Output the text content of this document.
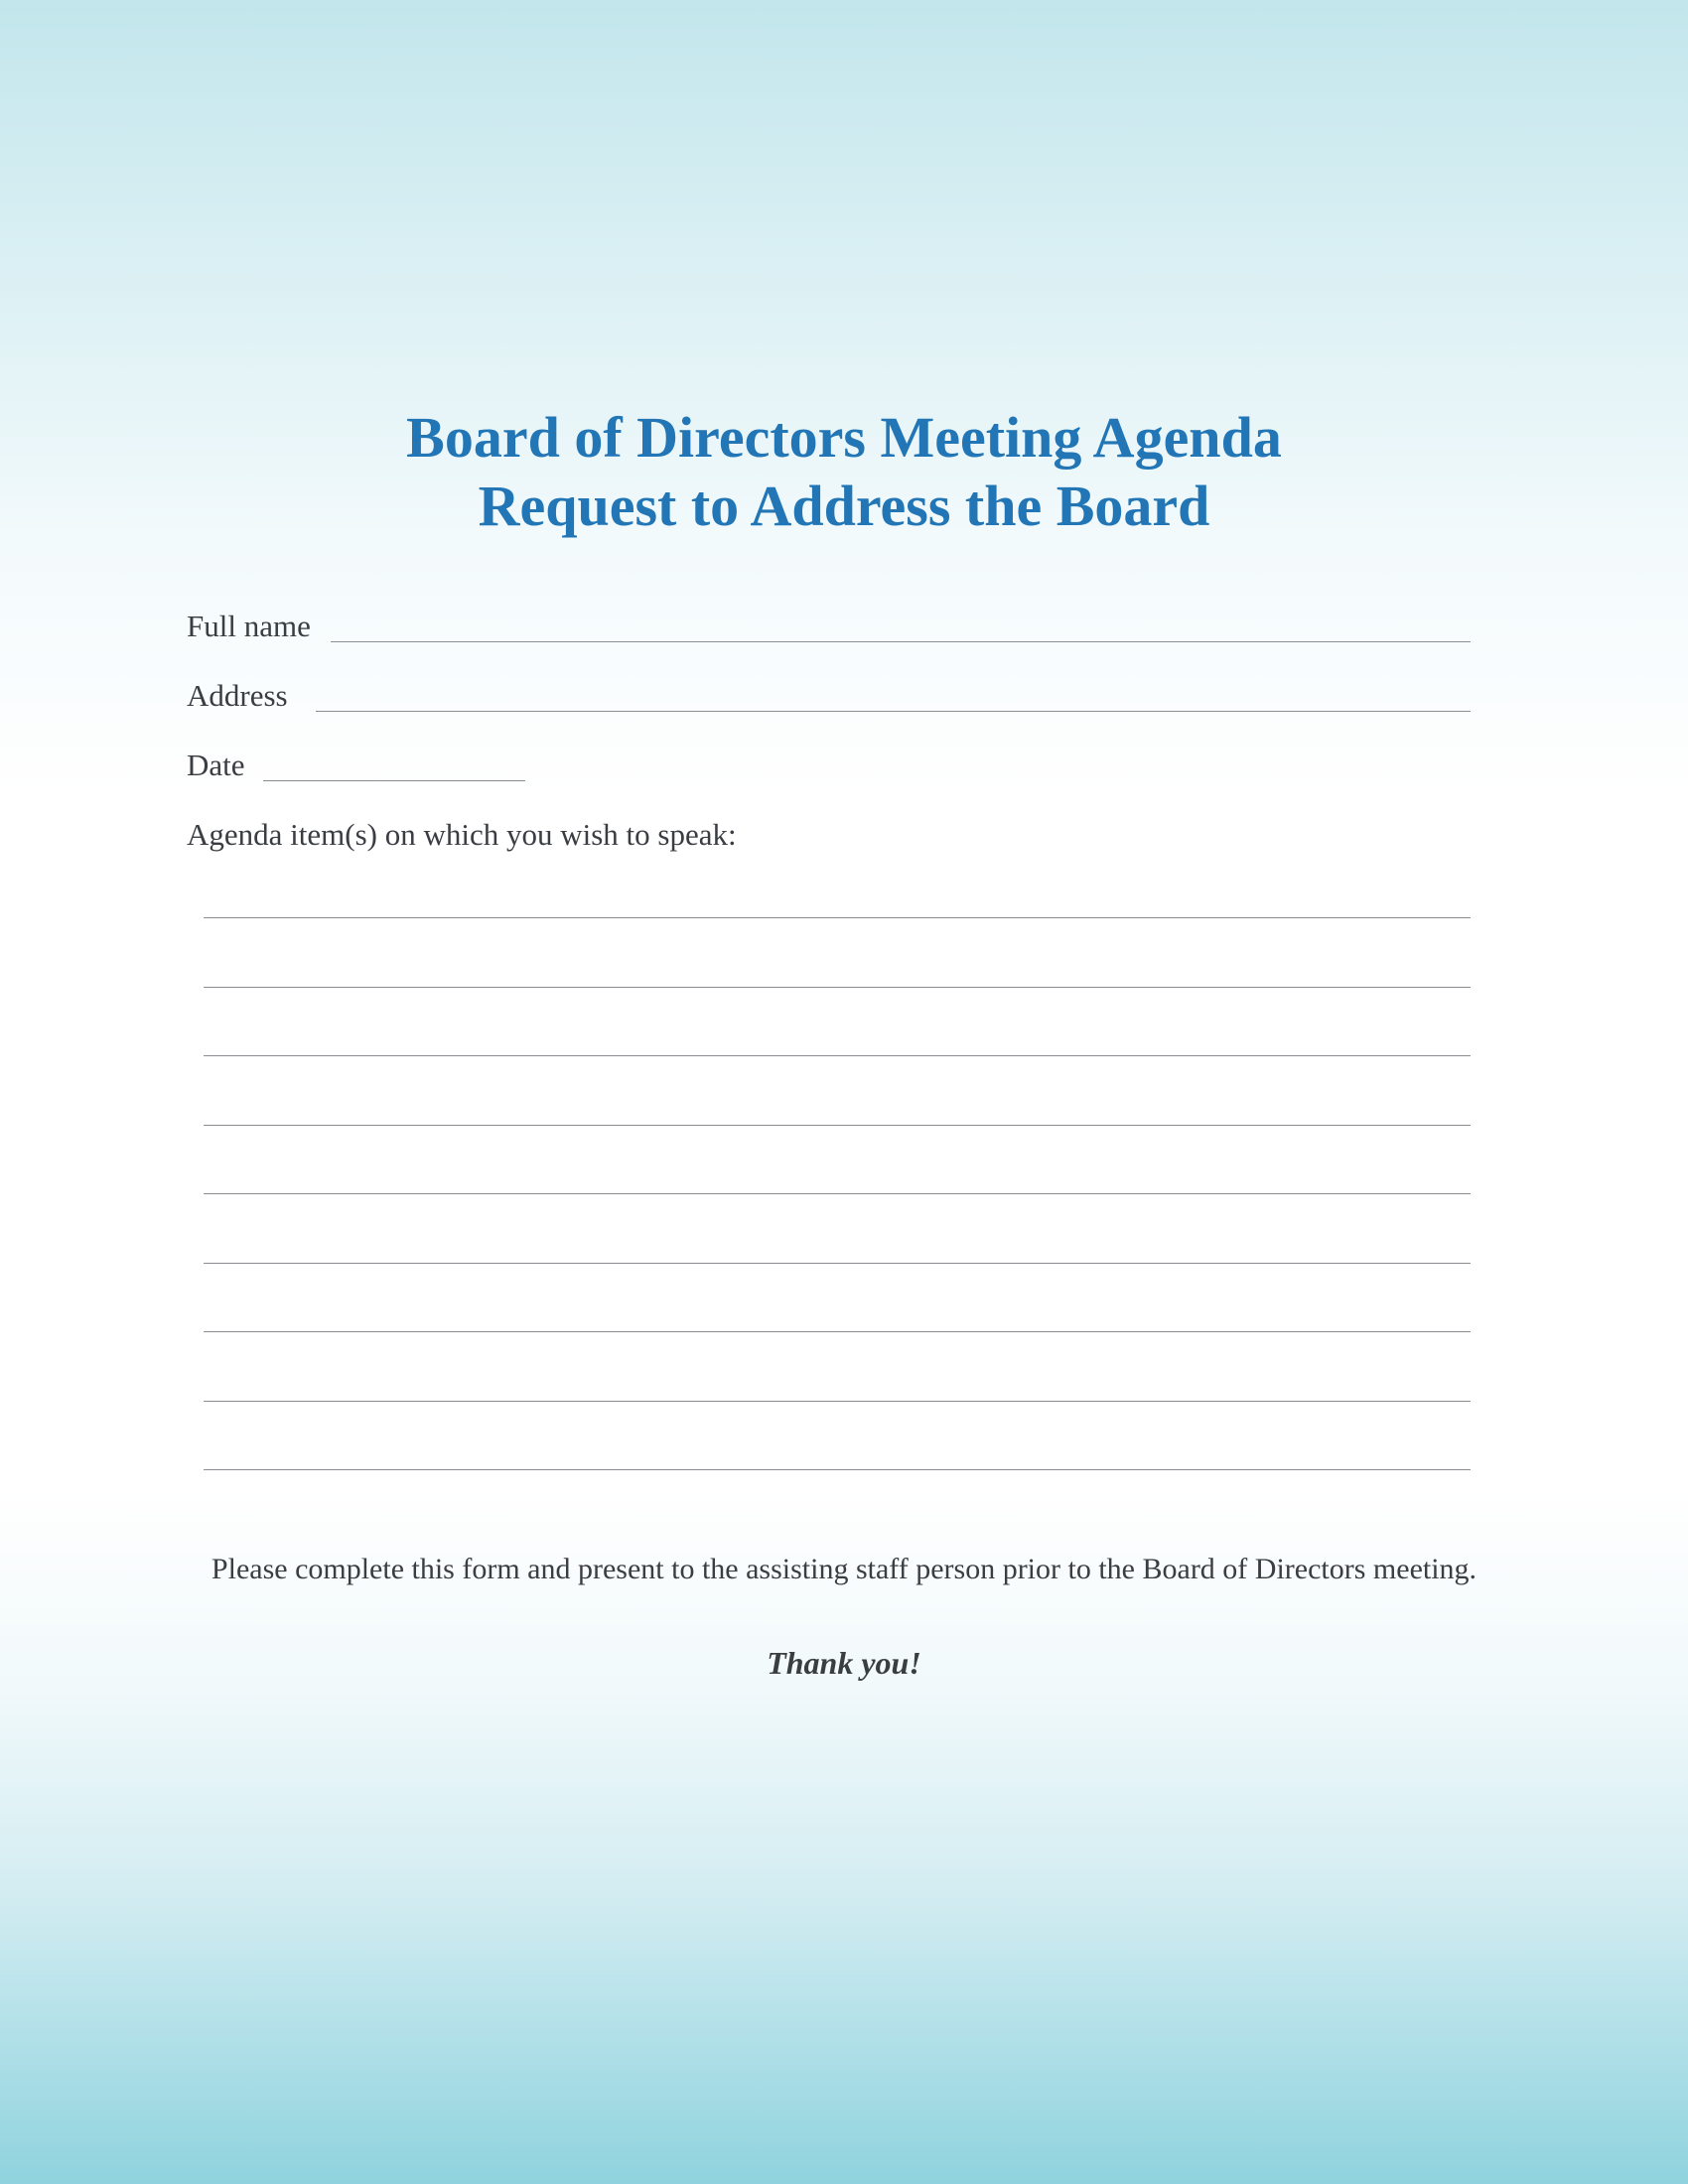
Board of Directors Meeting Agenda
Request to Address the Board
Full name
Address
Date
Agenda item(s) on which you wish to speak:
Please complete this form and present to the assisting staff person prior to the Board of Directors meeting.
Thank you!
